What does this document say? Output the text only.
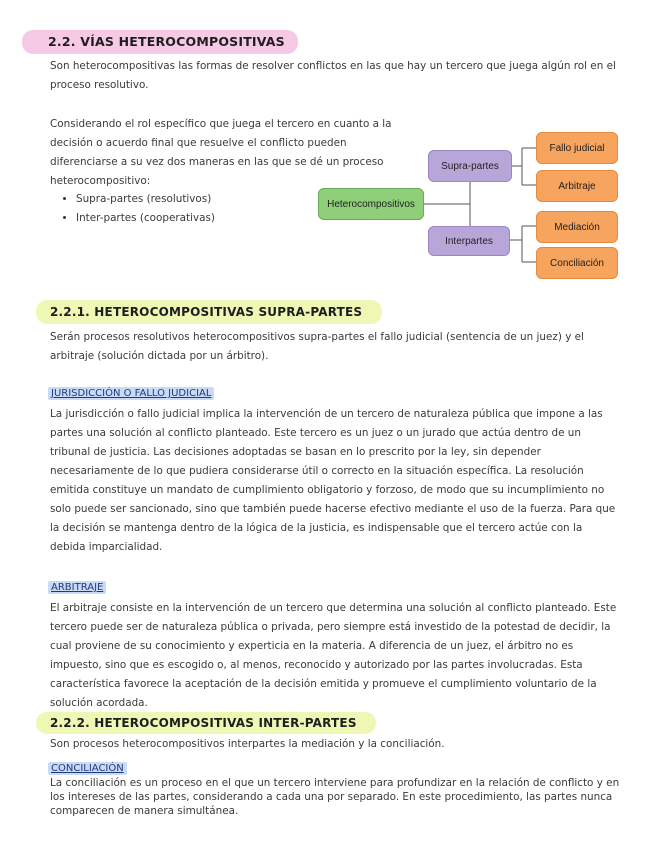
2.2. VÍAS HETEROCOMPOSITIVAS

Son heterocompositivas las formas de resolver conflictos en las que hay un tercero que juega algún rol en el proceso resolutivo.

Considerando el rol específico que juega el tercero en cuanto a la decisión o acuerdo final que resuelve el conflicto pueden diferenciarse a su vez dos maneras en las que se dé un proceso heterocompositivo:

• Supra-partes (resolutivos)
• Inter-partes (cooperativas)
Heterocompositivos
Supra-partes
Interpartes
Fallo judicial
Arbitraje
Mediación
Conciliación
2.2.1. HETEROCOMPOSITIVAS SUPRA-PARTES

Serán procesos resolutivos heterocompositivos supra-partes el fallo judicial (sentencia de un juez) y el arbitraje (solución dictada por un árbitro).

JURISDICCIÓN O FALLO JUDICIAL

La jurisdicción o fallo judicial implica la intervención de un tercero de naturaleza pública que impone a las partes una solución al conflicto planteado. Este tercero es un juez o un jurado que actúa dentro de un tribunal de justicia. Las decisiones adoptadas se basan en lo prescrito por la ley, sin depender necesariamente de lo que pudiera considerarse útil o correcto en la situación específica. La resolución emitida constituye un mandato de cumplimiento obligatorio y forzoso, de modo que su incumplimiento no solo puede ser sancionado, sino que también puede hacerse efectivo mediante el uso de la fuerza. Para que la decisión se mantenga dentro de la lógica de la justicia, es indispensable que el tercero actúe con la debida imparcialidad.

ARBITRAJE

El arbitraje consiste en la intervención de un tercero que determina una solución al conflicto planteado. Este tercero puede ser de naturaleza pública o privada, pero siempre está investido de la potestad de decidir, la cual proviene de su conocimiento y experticia en la materia. A diferencia de un juez, el árbitro no es impuesto, sino que es escogido o, al menos, reconocido y autorizado por las partes involucradas. Esta característica favorece la aceptación de la decisión emitida y promueve el cumplimiento voluntario de la solución acordada.

2.2.2. HETEROCOMPOSITIVAS INTER-PARTES

Son procesos heterocompositivos interpartes la mediación y la conciliación.

CONCILIACIÓN

La conciliación es un proceso en el que un tercero interviene para profundizar en la relación de conflicto y en los intereses de las partes, considerando a cada una por separado. En este procedimiento, las partes nunca comparecen de manera simultánea.
